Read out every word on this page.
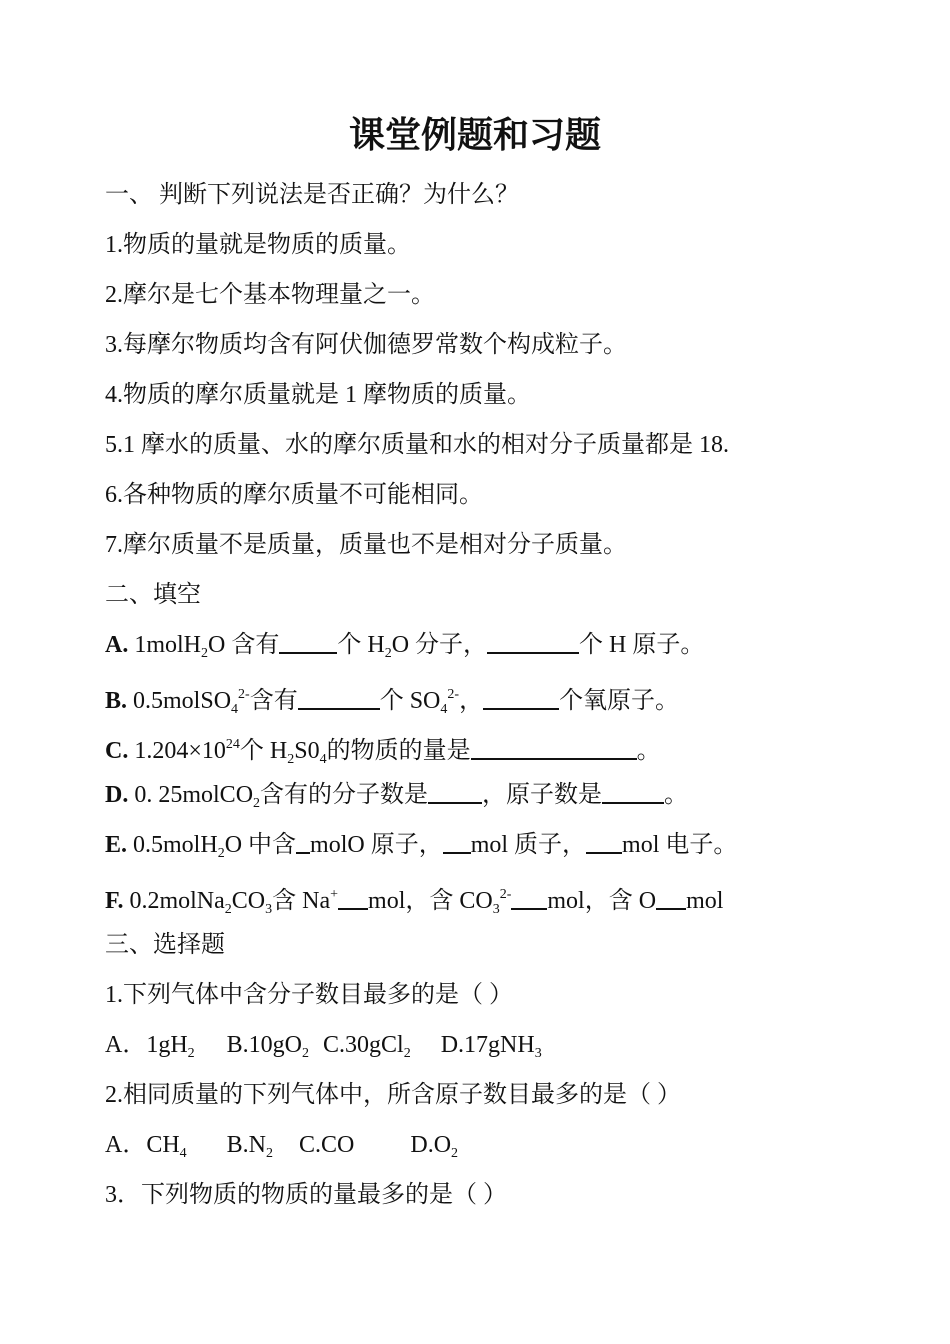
课堂例题和习题
一、 判断下列说法是否正确？为什么？
1.物质的量就是物质的质量。
2.摩尔是七个基本物理量之一。
3.每摩尔物质均含有阿伏伽德罗常数个构成粒子。
4.物质的摩尔质量就是 1 摩物质的质量。
5.1 摩水的质量、水的摩尔质量和水的相对分子质量都是 18.
6.各种物质的摩尔质量不可能相同。
7.摩尔质量不是质量，质量也不是相对分子质量。
二、填空
A. 1molH$_2$O 含有 个 $H_2O$ 分子，	个 H 原子。
B. 0.5molSO$_4^{2-}$含有	个 $SO_4^{2-}$，	个氧原子。
C. $1.204\times 10^{24}$个 $H_2S0_4$的物质的量是	。
D. 0. 25molCO$_2$含有的分子数是 ，原子数是	。
E. 0.5molH$_2$O 中含 molO 原子， mol 质子， mol 电子。
F. $0.2molNa_2CO_3$含 Na+ mol，含 $CO_3^{2-}$ mol，含 O mol
三、选择题
1.下列气体中含分子数目最多的是（ ）
A．$1gH_2$ $B.10gO_2$ C.30gCl$_2$ D.17gNH$_3$
2.相同质量的下列气体中，所含原子数目最多的是（ ）
A．$CH_4$ $B.N_2$ C.CO $D.O_2$
3．下列物质的物质的量最多的是（ ）
